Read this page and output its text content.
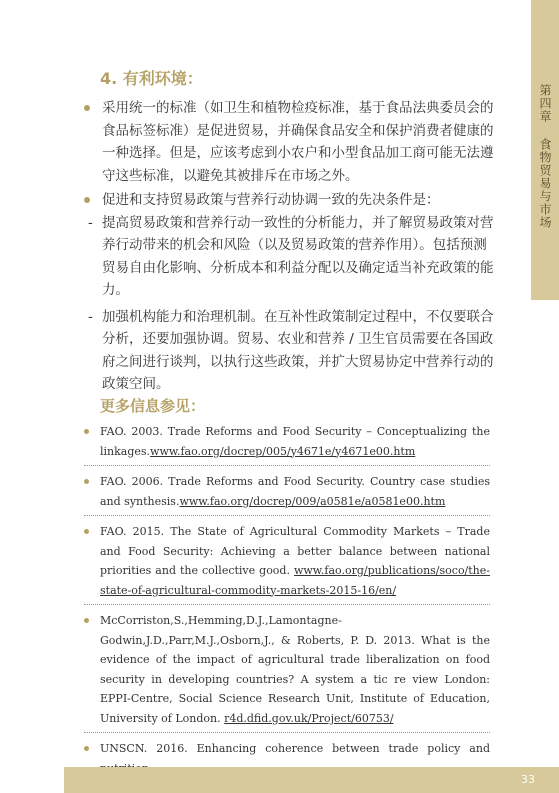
第四章 食物贸易与市场
4. 有利环境：
采用统一的标准（如卫生和植物检疫标准，基于食品法典委员会的食品标签标准）是促进贸易，并确保食品安全和保护消费者健康的一种选择。但是，应该考虑到小农户和小型食品加工商可能无法遵守这些标准，以避免其被排斥在市场之外。
促进和支持贸易政策与营养行动协调一致的先决条件是：
- 提高贸易政策和营养行动一致性的分析能力，并了解贸易政策对营养行动带来的机会和风险（以及贸易政策的营养作用）。包括预测贸易自由化影响、分析成本和利益分配以及确定适当补充政策的能力。
- 加强机构能力和治理机制。在互补性政策制定过程中，不仅要联合分析，还要加强协调。贸易、农业和营养 / 卫生官员需要在各国政府之间进行谈判，以执行这些政策，并扩大贸易协定中营养行动的政策空间。
更多信息参见：
FAO. 2003. Trade Reforms and Food Security – Conceptualizing the linkages.www.fao.org/docrep/005/y4671e/y4671e00.htm
FAO. 2006. Trade Reforms and Food Security. Country case studies and synthesis.www.fao.org/docrep/009/a0581e/a0581e00.htm
FAO. 2015. The State of Agricultural Commodity Markets – Trade and Food Security: Achieving a better balance between national priorities and the collective good. www.fao.org/publications/soco/the-state-of-agricultural-commodity-markets-2015-16/en/
McCorriston,S.,Hemming,D.J.,Lamontagne-Godwin,J.D.,Parr,M.J.,Osborn,J., & Roberts, P. D. 2013. What is the evidence of the impact of agricultural trade liberalization on food security in developing countries? A system a tic re view London: EPPI-Centre, Social Science Research Unit, Institute of Education, University of London. r4d.dfid.gov.uk/Project/60753/
UNSCN. 2016. Enhancing coherence between trade policy and
33
